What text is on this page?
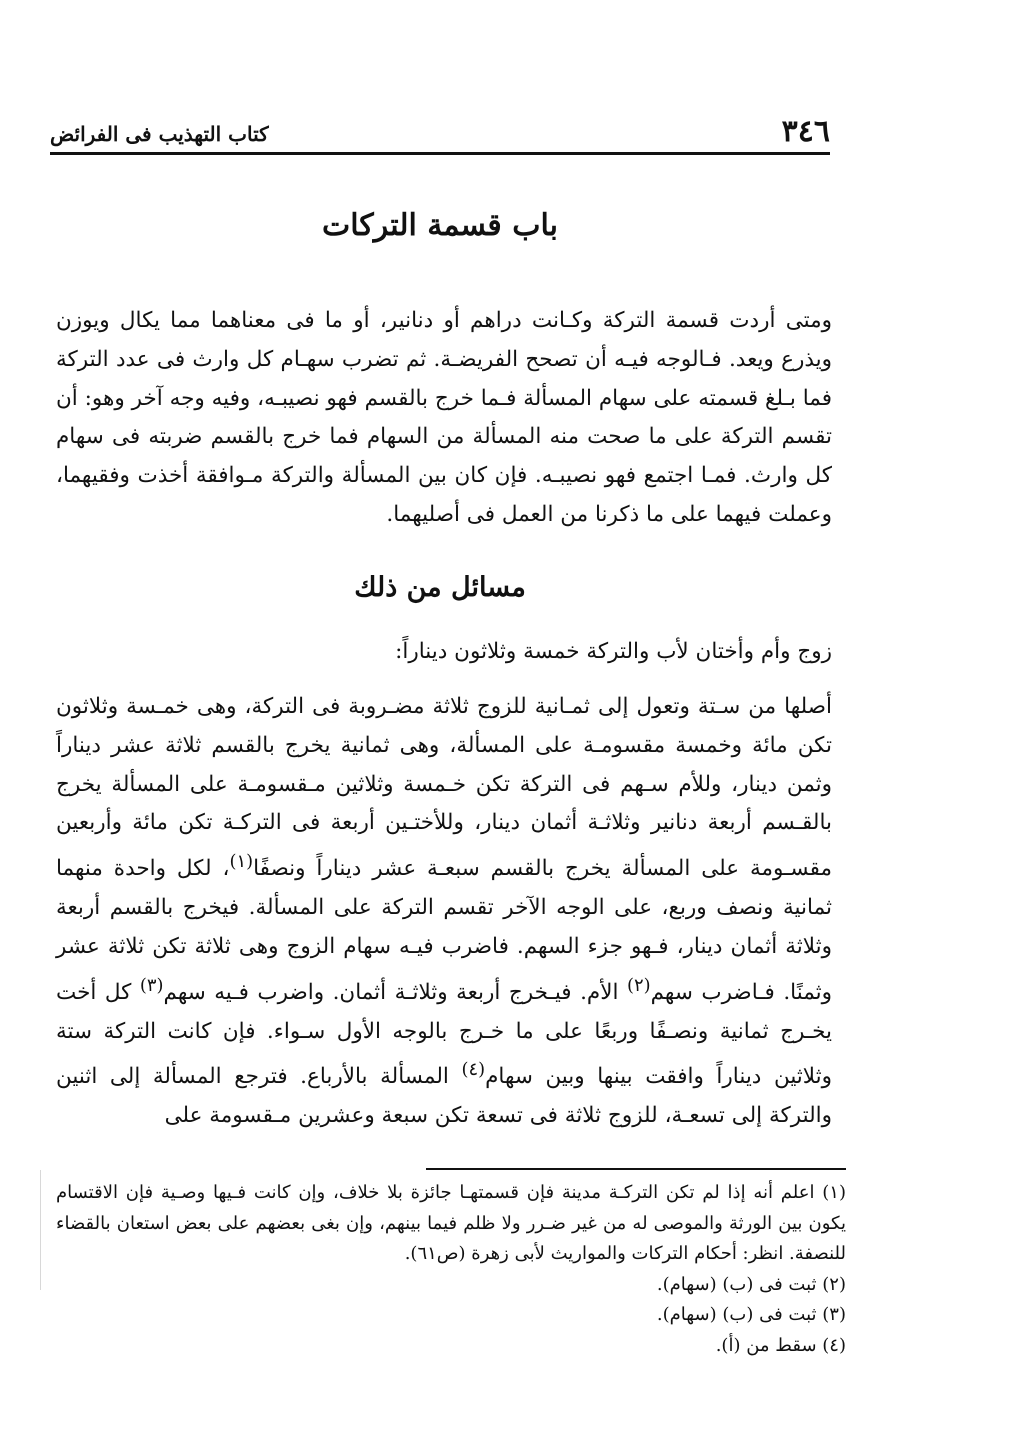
٣٤٦
كتاب التهذيب فى الفرائض
باب قسمة التركات

ومتى أردت قسمة التركة وكـانت دراهم أو دنانير، أو ما فى معناهما مما يكال ويوزن ويذرع ويعد. فـالوجه فيـه أن تصحح الفريضـة. ثم تضرب سهـام كل وارث فى عدد التركة فما بـلغ قسمته على سهام المسألة فـما خرج بالقسم فهو نصيبـه، وفيه وجه آخر وهو: أن تقسم التركة على ما صحت منه المسألة من السهام فما خرج بالقسم ضربته فى سهام كل وارث. فمـا اجتمع فهو نصيبـه. فإن كان بين المسألة والتركة مـوافقة أخذت وفقيهما، وعملت فيهما على ما ذكرنا من العمل فى أصليهما.

مسائل من ذلك

زوج وأم وأختان لأب والتركة خمسة وثلاثون ديناراً:

أصلها من سـتة وتعول إلى ثمـانية للزوج ثلاثة مضـروبة فى التركة، وهى خمـسة وثلاثون تكن مائة وخمسة مقسومـة على المسألة، وهى ثمانية يخرج بالقسم ثلاثة عشر ديناراً وثمن دينار، وللأم سـهم فى التركة تكن خـمسة وثلاثين مـقسومـة على المسألة يخرج بالقـسم أربعة دنانير وثلاثـة أثمان دينار، وللأختـين أربعة فى التركـة تكن مائة وأربعين مقسـومة على المسألة يخرج بالقسم سبعـة عشر ديناراً ونصفًا$^{(١)}$، لكل واحدة منهما ثمانية ونصف وربع، على الوجه الآخر تقسم التركة على المسألة. فيخرج بالقسم أربعة وثلاثة أثمان دينار، فـهو جزء السهم. فاضرب فيـه سهام الزوج وهى ثلاثة تكن ثلاثة عشر وثمنًا. فـاضرب سهم$^{(٢)}$ الأم. فيـخرج أربعة وثلاثـة أثمان. واضرب فـيه سهم$^{(٣)}$ كل أخت يخـرج ثمانية ونصـفًا وربعًا على ما خـرج بالوجه الأول سـواء. فإن كانت التركة ستة وثلاثين ديناراً وافقت بينها وبين سهام$^{(٤)}$ المسألة بالأرباع. فترجع المسألة إلى اثنين والتركة إلى تسعـة، للزوج ثلاثة فى تسعة تكن سبعة وعشرين مـقسومة على

(١) اعلم أنه إذا لم تكن التركـة مدينة فإن قسمتهـا جائزة بلا خلاف، وإن كانت فـيها وصـية فإن الاقتسام يكون بين الورثة والموصى له من غير ضـرر ولا ظلم فيما بينهم، وإن بغى بعضهم على بعض استعان بالقضاء للنصفة. انظر: أحكام التركات والمواريث لأبى زهرة (ص٦١).

(٢) ثبت فى (ب) (سهام).

(٣) ثبت فى (ب) (سهام).

(٤) سقط من (أ).
